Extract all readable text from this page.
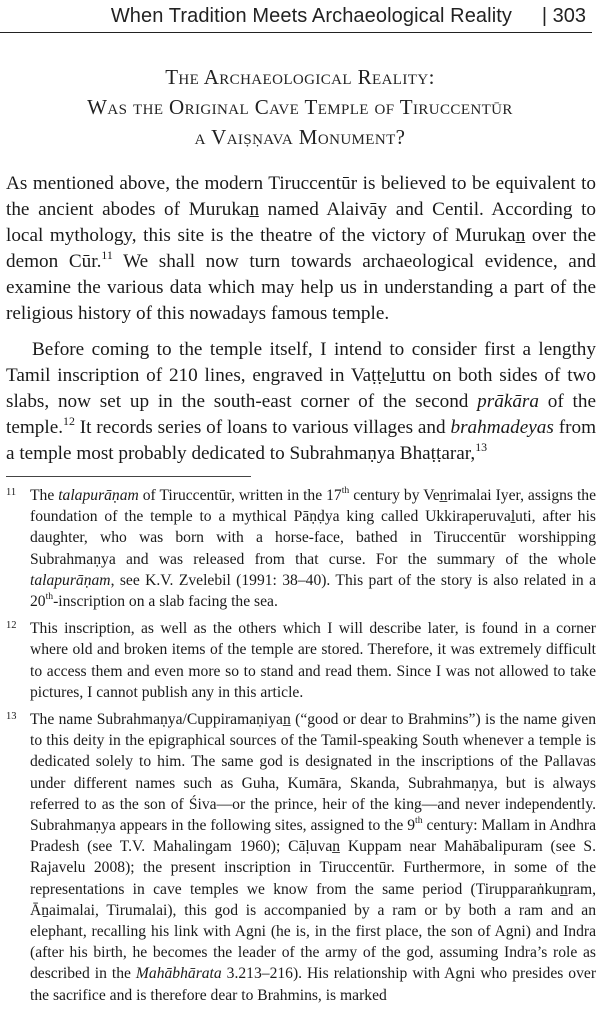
When Tradition Meets Archaeological Reality | 303
The Archaeological Reality:
Was the Original Cave Temple of Tiruccentūr
a Vaiṣṇava Monument?

As mentioned above, the modern Tiruccentūr is believed to be equivalent to the ancient abodes of Murukan̲ named Alaivāy and Centil. According to local mythology, this site is the theatre of the victory of Murukan̲ over the demon Cūr.$^{11}$ We shall now turn towards archaeological evidence, and examine the various data which may help us in understanding a part of the religious history of this nowadays famous temple.

Before coming to the temple itself, I intend to consider first a lengthy Tamil inscription of 210 lines, engraved in Vaṭṭeḻuttu on both sides of two slabs, now set up in the south-east corner of the second prākāra of the temple.$^{12}$ It records series of loans to various villages and brahmadeyas from a temple most probably dedicated to Subrahmaṇya Bhaṭṭarar,$^{13}$

11 The talapurāṇam of Tiruccentūr, written in the 17th century by Ven̲rimalai Iyer, assigns the foundation of the temple to a mythical Pāṇḍya king called Ukkiraperuvaḻuti, after his daughter, who was born with a horse-face, bathed in Tiruccentūr worshipping Subrahmaṇya and was released from that curse. For the summary of the whole talapurāṇam, see K.V. Zvelebil (1991: 38–40). This part of the story is also related in a 20th-inscription on a slab facing the sea.
12 This inscription, as well as the others which I will describe later, is found in a corner where old and broken items of the temple are stored. Therefore, it was extremely difficult to access them and even more so to stand and read them. Since I was not allowed to take pictures, I cannot publish any in this article.
13 The name Subrahmaṇya/Cuppiramaṇiyan̲ (“good or dear to Brahmins”) is the name given to this deity in the epigraphical sources of the Tamil-speaking South whenever a temple is dedicated solely to him. The same god is designated in the inscriptions of the Pallavas under different names such as Guha, Kumāra, Skanda, Subrahmaṇya, but is always referred to as the son of Śiva—or the prince, heir of the king—and never independently. Subrahmaṇya appears in the following sites, assigned to the 9th century: Mallam in Andhra Pradesh (see T.V. Mahalingam 1960); Cāḷuvan̲ Kuppam near Mahābalipuram (see S. Rajavelu 2008); the present inscription in Tiruccentūr. Furthermore, in some of the representations in cave temples we know from the same period (Tirupparaṅkun̲ram, Āṉaimalai, Tirumalai), this god is accompanied by a ram or by both a ram and an elephant, recalling his link with Agni (he is, in the first place, the son of Agni) and Indra (after his birth, he becomes the leader of the army of the god, assuming Indra’s role as described in the Mahābhārata 3.213–216). His relationship with Agni who presides over the sacrifice and is therefore dear to Brahmins, is marked
